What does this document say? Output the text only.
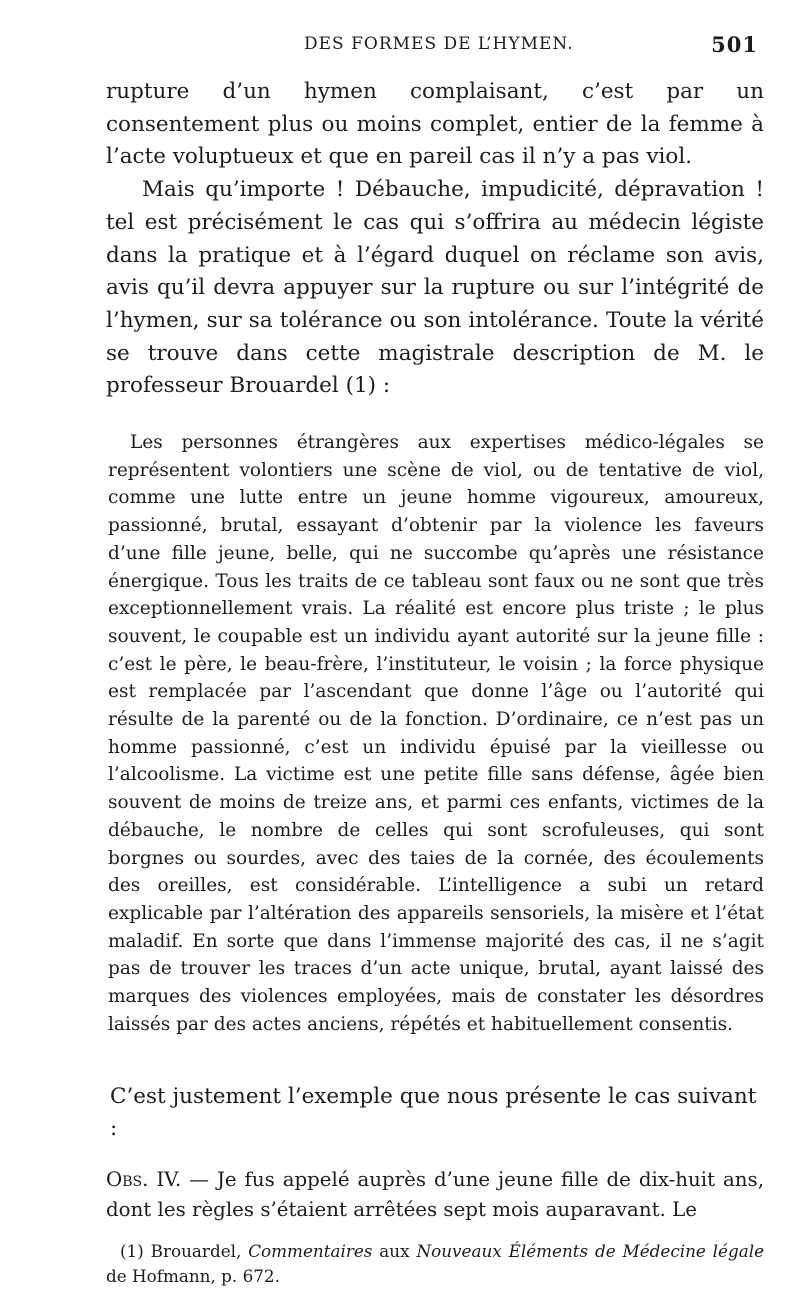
DES FORMES DE L’HYMEN.	501

rupture d’un hymen complaisant, c’est par un consentement plus ou moins complet, entier de la femme à l’acte voluptueux et que en pareil cas il n’y a pas viol.

Mais qu’importe ! Débauche, impudicité, dépravation ! tel est précisément le cas qui s’offrira au médecin légiste dans la pratique et à l’égard duquel on réclame son avis, avis qu’il devra appuyer sur la rupture ou sur l’intégrité de l’hymen, sur sa tolérance ou son intolérance. Toute la vérité se trouve dans cette magistrale description de M. le professeur Brouardel (1) :

Les personnes étrangères aux expertises médico-légales se représentent volontiers une scène de viol, ou de tentative de viol, comme une lutte entre un jeune homme vigoureux, amoureux, passionné, brutal, essayant d’obtenir par la violence les faveurs d’une fille jeune, belle, qui ne succombe qu’après une résistance énergique. Tous les traits de ce tableau sont faux ou ne sont que très exceptionnellement vrais. La réalité est encore plus triste ; le plus souvent, le coupable est un individu ayant autorité sur la jeune fille : c’est le père, le beau-frère, l’instituteur, le voisin ; la force physique est remplacée par l’ascendant que donne l’âge ou l’autorité qui résulte de la parenté ou de la fonction. D’ordinaire, ce n’est pas un homme passionné, c’est un individu épuisé par la vieillesse ou l’alcoolisme. La victime est une petite fille sans défense, âgée bien souvent de moins de treize ans, et parmi ces enfants, victimes de la débauche, le nombre de celles qui sont scrofuleuses, qui sont borgnes ou sourdes, avec des taies de la cornée, des écoulements des oreilles, est considérable. L’intelligence a subi un retard explicable par l’altération des appareils sensoriels, la misère et l’état maladif. En sorte que dans l’immense majorité des cas, il ne s’agit pas de trouver les traces d’un acte unique, brutal, ayant laissé des marques des violences employées, mais de constater les désordres laissés par des actes anciens, répétés et habituellement consentis.

C’est justement l’exemple que nous présente le cas suivant :

Obs. IV. — Je fus appelé auprès d’une jeune fille de dix-huit ans, dont les règles s’étaient arrêtées sept mois auparavant. Le

(1) Brouardel, Commentaires aux Nouveaux Éléments de Médecine légale de Hofmann, p. 672.
